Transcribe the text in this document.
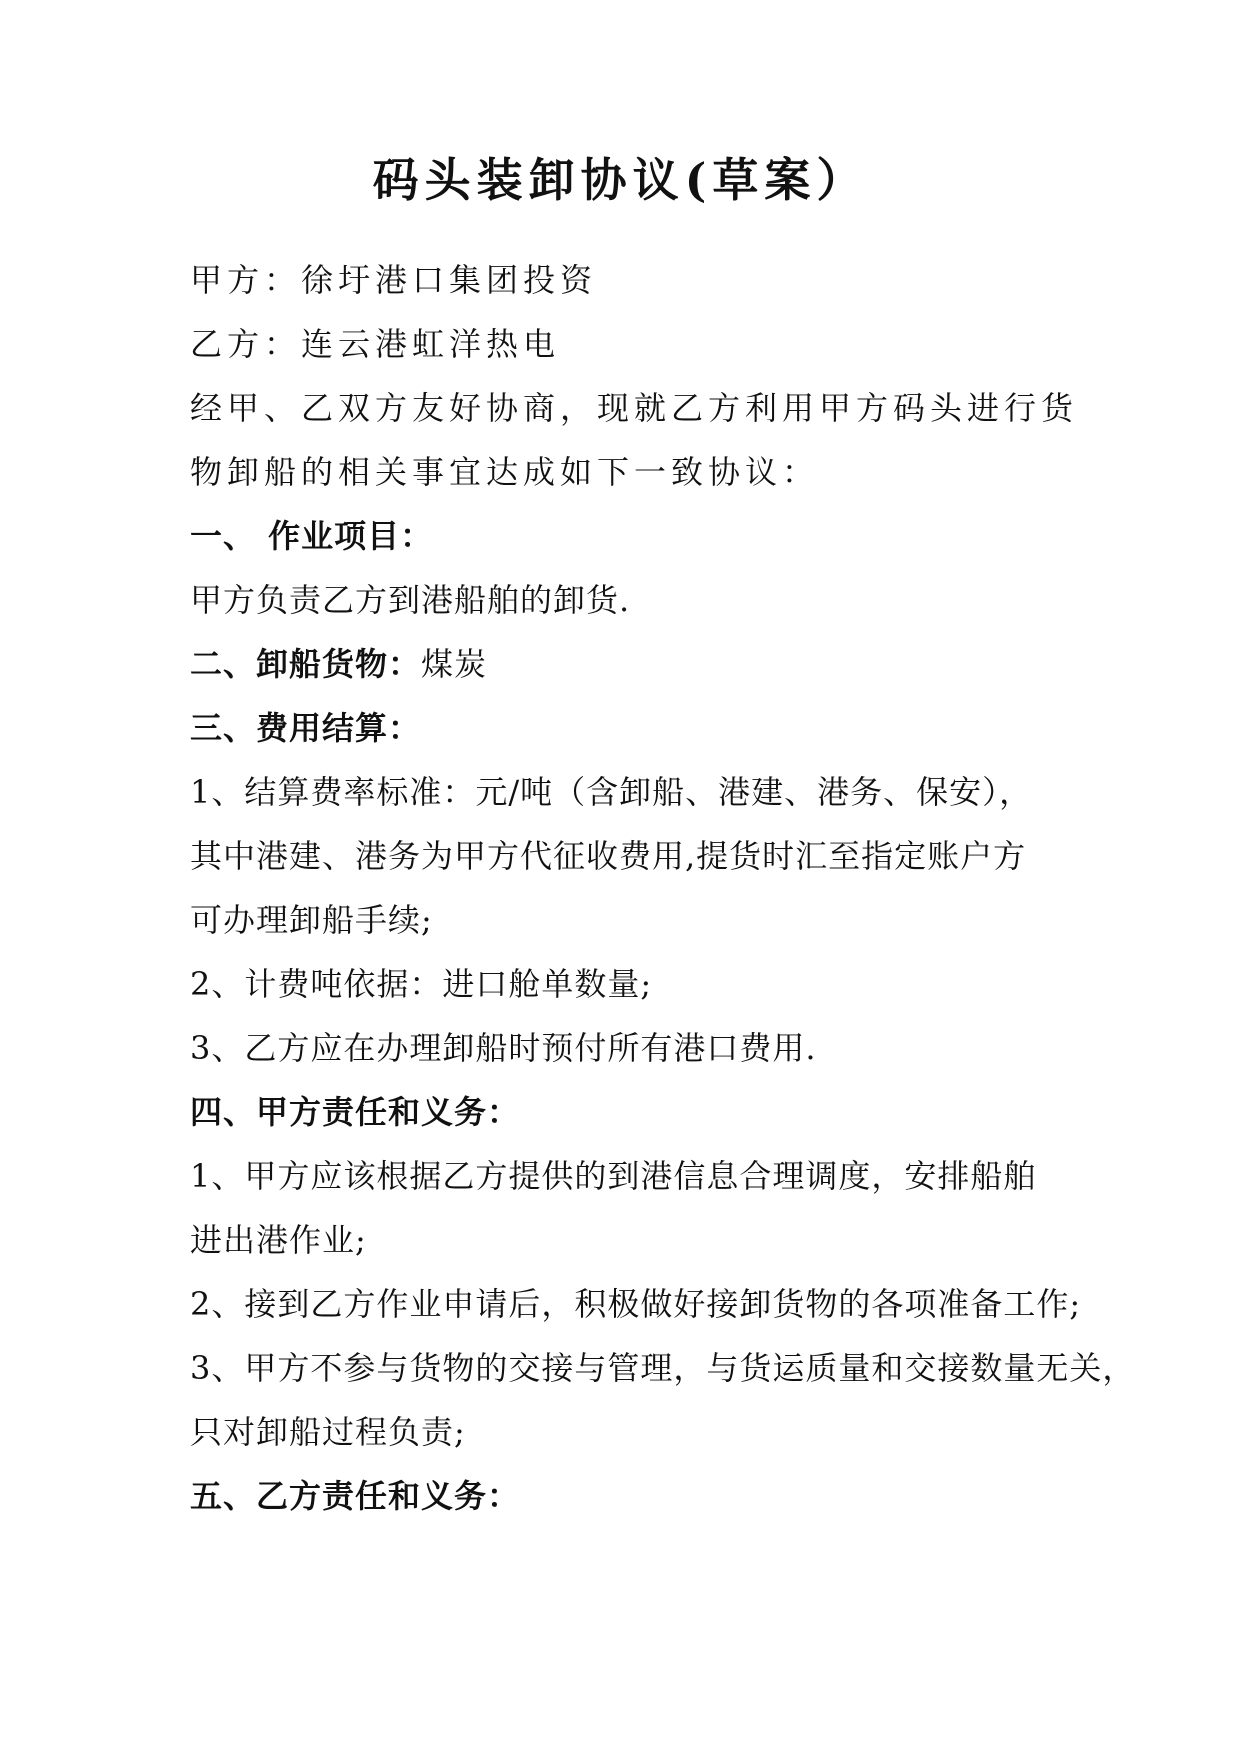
码头装卸协议(草案）
甲方：徐圩港口集团投资
乙方：连云港虹洋热电
经甲、乙双方友好协商，现就乙方利用甲方码头进行货
物卸船的相关事宜达成如下一致协议：
一、 作业项目：
甲方负责乙方到港船舶的卸货.
二、卸船货物：煤炭
三、费用结算：
1、结算费率标准：元/吨（含卸船、港建、港务、保安），
其中港建、港务为甲方代征收费用,提货时汇至指定账户方
可办理卸船手续;
2、计费吨依据：进口舱单数量;
3、乙方应在办理卸船时预付所有港口费用.
四、甲方责任和义务：
1、甲方应该根据乙方提供的到港信息合理调度，安排船舶
进出港作业;
2、接到乙方作业申请后，积极做好接卸货物的各项准备工作;
3、甲方不参与货物的交接与管理，与货运质量和交接数量无关，
只对卸船过程负责;
五、乙方责任和义务：
